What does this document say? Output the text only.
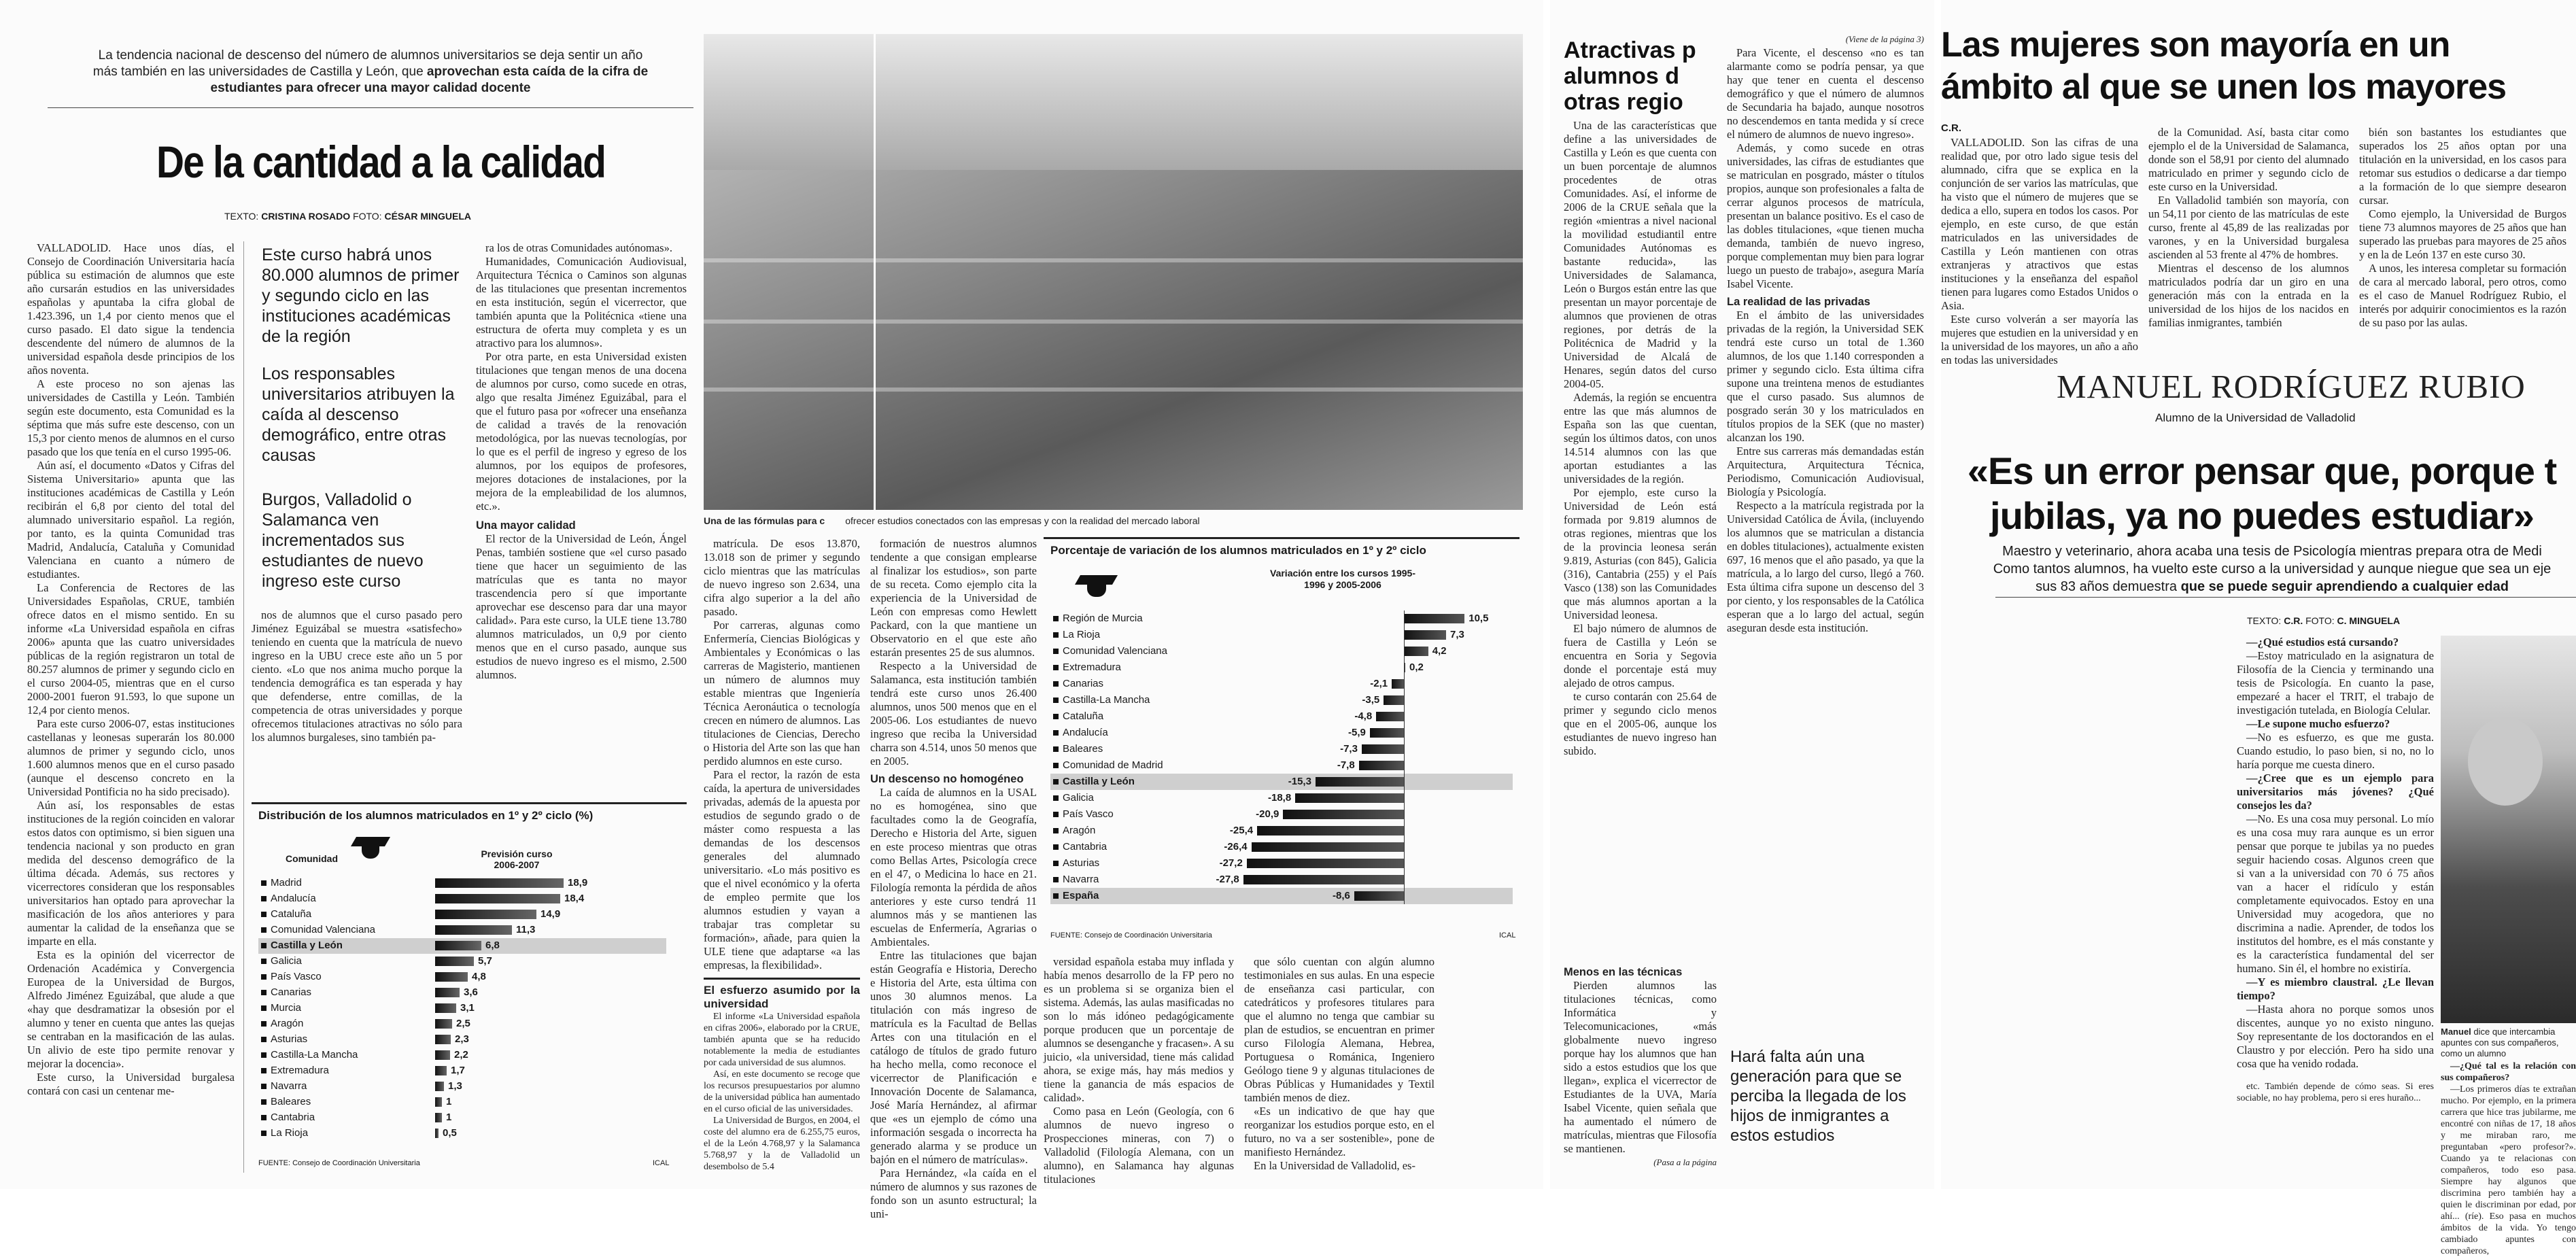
La tendencia nacional de descenso del número de alumnos universitarios se deja sentir un año
más también en las universidades de Castilla y León, que aprovechan esta caída de la cifra de
estudiantes para ofrecer una mayor calidad docente
De la cantidad a la calidad
TEXTO: CRISTINA ROSADO FOTO: CÉSAR MINGUELA

VALLADOLID. Hace unos días, el Consejo de Coordinación Universitaria hacía pública su estimación de alumnos que este año cursarán estudios en las universidades españolas y apuntaba la cifra global de 1.423.396, un 1,4 por ciento menos que el curso pasado. El dato sigue la tendencia descendente del número de alumnos de la universidad española desde principios de los años noventa.

A este proceso no son ajenas las universidades de Castilla y León. También según este documento, esta Comunidad es la séptima que más sufre este descenso, con un 15,3 por ciento menos de alumnos en el curso pasado que los que tenía en el curso 1995-06.

Aún así, el documento «Datos y Cifras del Sistema Universitario» apunta que las instituciones académicas de Castilla y León recibirán el 6,8 por ciento del total del alumnado universitario español. La región, por tanto, es la quinta Comunidad tras Madrid, Andalucía, Cataluña y Comunidad Valenciana en cuanto a número de estudiantes.

La Conferencia de Rectores de las Universidades Españolas, CRUE, también ofrece datos en el mismo sentido. En su informe «La Universidad española en cifras 2006» apunta que las cuatro universidades públicas de la región registraron un total de 80.257 alumnos de primer y segundo ciclo en el curso 2004-05, mientras que en el curso 2000-2001 fueron 91.593, lo que supone un 12,4 por ciento menos.

Para este curso 2006-07, estas instituciones castellanas y leonesas superarán los 80.000 alumnos de primer y segundo ciclo, unos 1.600 alumnos menos que en el curso pasado (aunque el descenso concreto en la Universidad Pontificia no ha sido precisado).

Aún así, los responsables de estas instituciones de la región coinciden en valorar estos datos con optimismo, si bien siguen una tendencia nacional y son producto en gran medida del descenso demográfico de la última década. Además, sus rectores y vicerrectores consideran que los responsables universitarios han optado para aprovechar la masificación de los años anteriores y para aumentar la calidad de la enseñanza que se imparte en ella.

Esta es la opinión del vicerrector de Ordenación Académica y Convergencia Europea de la Universidad de Burgos, Alfredo Jiménez Eguizábal, que alude a que «hay que desdramatizar la obsesión por el alumno y tener en cuenta que antes las quejas se centraban en la masificación de las aulas. Un alivio de este tipo permite renovar y mejorar la docencia».

Este curso, la Universidad burgalesa contará con casi un centenar me-

Este curso habrá unos 80.000 alumnos de primer y segundo ciclo en las instituciones académicas de la región
Los responsables universitarios atribuyen la caída al descenso demográfico, entre otras causas
Burgos, Valladolid o Salamanca ven incrementados sus estudiantes de nuevo ingreso este curso

nos de alumnos que el curso pasado pero Jiménez Eguizábal se muestra «satisfecho» teniendo en cuenta que la matrícula de nuevo ingreso en la UBU crece este año un 5 por ciento. «Lo que nos anima mucho porque la tendencia demográfica es tan esperada y hay que defenderse, entre comillas, de la competencia de otras universidades y porque ofrecemos titulaciones atractivas no sólo para los alumnos burgaleses, sino también pa-

ra los de otras Comunidades autónomas».

Humanidades, Comunicación Audiovisual, Arquitectura Técnica o Caminos son algunas de las titulaciones que presentan incrementos en esta institución, según el vicerrector, que también apunta que la Politécnica «tiene una estructura de oferta muy completa y es un atractivo para los alumnos».

Por otra parte, en esta Universidad existen titulaciones que tengan menos de una docena de alumnos por curso, como sucede en otras, algo que resalta Jiménez Eguizábal, para el que el futuro pasa por «ofrecer una enseñanza de calidad a través de la renovación metodológica, por las nuevas tecnologías, por lo que es el perfil de ingreso y egreso de los alumnos, por los equipos de profesores, mejores dotaciones de instalaciones, por la mejora de la empleabilidad de los alumnos, etc.».

Una mayor calidad

El rector de la Universidad de León, Ángel Penas, también sostiene que «el curso pasado tiene que hacer un seguimiento de las matrículas que es tanta no mayor trascendencia pero sí que importante aprovechar ese descenso para dar una mayor calidad». Para este curso, la ULE tiene 13.780 alumnos matriculados, un 0,9 por ciento menos que en el curso pasado, aunque sus estudios de nuevo ingreso es el mismo, 2.500 alumnos.

Distribución de los alumnos matriculados en 1º y 2º ciclo (%)
Comunidad	Previsión curso 2006-2007
Madrid	18,9
Andalucía	18,4
Cataluña	14,9
Comunidad Valenciana	11,3
Castilla y León	6,8
Galicia	5,7
País Vasco	4,8
Canarias	3,6
Murcia	3,1
Aragón	2,5
Asturias	2,3
Castilla-La Mancha	2,2
Extremadura	1,7
Navarra	1,3
Baleares	1
Cantabria	1
La Rioja	0,5
FUENTE: Consejo de Coordinación Universitaria	ICAL
Una de las fórmulas para c ofrecer estudios conectados con las empresas y con la realidad del mercado laboral

matrícula. De esos 13.870, 13.018 son de primer y segundo ciclo mientras que las matrículas de nuevo ingreso son 2.634, una cifra algo superior a la del año pasado.

Por carreras, algunas como Enfermería, Ciencias Biológicas y Ambientales y Económicas o las carreras de Magisterio, mantienen un número de alumnos muy estable mientras que Ingeniería Técnica Aeronáutica o tecnología crecen en número de alumnos. Las titulaciones de Ciencias, Derecho o Historia del Arte son las que han perdido alumnos en este curso.

Para el rector, la razón de esta caída, la apertura de universidades privadas, además de la apuesta por estudios de segundo grado o de máster como respuesta a las demandas de los descensos generales del alumnado universitario. «Lo más positivo es que el nivel económico y la oferta de empleo permite que los alumnos estudien y vayan a trabajar tras completar su formación», añade, para quien la ULE tiene que adaptarse «a las empresas, la flexibilidad».

El esfuerzo asumido por la universidad

El informe «La Universidad española en cifras 2006», elaborado por la CRUE, también apunta que se ha reducido notablemente la media de estudiantes por cada universidad de sus alumnos.

Así, en este documento se recoge que los recursos presupuestarios por alumno de la universidad pública han aumentado en el curso oficial de las universidades.

La Universidad de Burgos, en 2004, el coste del alumno era de 6.255,75 euros, el de la León 4.768,97 y la Salamanca 5.768,97 y la de Valladolid un desembolso de 5.4

formación de nuestros alumnos tendente a que consigan emplearse al finalizar los estudios», son parte de su receta. Como ejemplo cita la experiencia de la Universidad de León con empresas como Hewlett Packard, con la que mantiene un Observatorio en el que este año estarán presentes 25 de sus alumnos.

Respecto a la Universidad de Salamanca, esta institución también tendrá este curso unos 26.400 alumnos, unos 500 menos que en el 2005-06. Los estudiantes de nuevo ingreso que reciba la Universidad charra son 4.514, unos 50 menos que en 2005.

Un descenso no homogéneo

La caída de alumnos en la USAL no es homogénea, sino que facultades como la de Geografía, Derecho e Historia del Arte, siguen en este proceso mientras que otras como Bellas Artes, Psicología crece en el 47, o Medicina lo hace en 21. Filología remonta la pérdida de años anteriores y este curso tendrá 11 alumnos más y se mantienen las escuelas de Enfermería, Agrarias o Ambientales.

Entre las titulaciones que bajan están Geografía e Historia, Derecho e Historia del Arte, esta última con unos 30 alumnos menos. La titulación con más ingreso de matrícula es la Facultad de Bellas Artes con una titulación en el catálogo de títulos de grado futuro ha hecho mella, como reconoce el vicerrector de Planificación e Innovación Docente de Salamanca, José María Hernández, al afirmar que «es un ejemplo de cómo una información sesgada o incorrecta ha generado alarma y se produce un bajón en el número de matrículas».

Para Hernández, «la caída en el número de alumnos y sus razones de fondo son un asunto estructural; la uni-

versidad española estaba muy inflada y había menos desarrollo de la FP pero no es un problema si se organiza bien el sistema. Además, las aulas masificadas no son lo más idóneo pedagógicamente porque producen que un porcentaje de alumnos se desenganche y fracasen». A su juicio, «la universidad, tiene más calidad ahora, se exige más, hay más medios y tiene la ganancia de más espacios de calidad».

Como pasa en León (Geología, con 6 alumnos de nuevo ingreso o Prospecciones mineras, con 7) o Valladolid (Filología Alemana, con un alumno), en Salamanca hay algunas titulaciones

que sólo cuentan con algún alumno testimoniales en sus aulas. En una especie de enseñanza casi particular, con catedráticos y profesores titulares para que el alumno no tenga que cambiar su plan de estudios, se encuentran en primer curso Filología Alemana, Hebrea, Portuguesa o Románica, Ingeniero Geólogo tiene 9 y algunas titulaciones de Obras Públicas y Humanidades y Textil también menos de diez.

«Es un indicativo de que hay que reorganizar los estudios porque esto, en el futuro, no va a ser sostenible», pone de manifiesto Hernández.

En la Universidad de Valladolid, es-

Porcentaje de variación de los alumnos matriculados en 1º y 2º ciclo
Variación entre los cursos 1995-1996 y 2005-2006
Región de Murcia	10,5
La Rioja	7,3
Comunidad Valenciana	4,2
Extremadura	0,2
Canarias	-2,1
Castilla-La Mancha	-3,5
Cataluña	-4,8
Andalucía	-5,9
Baleares	-7,3
Comunidad de Madrid	-7,8
Castilla y León	-15,3
Galicia	-18,8
País Vasco	-20,9
Aragón	-25,4
Cantabria	-26,4
Asturias	-27,2
Navarra	-27,8
España	-8,6
FUENTE: Consejo de Coordinación Universitaria	ICAL
Atractivas p
alumnos d
otras regio

Una de las características que define a las universidades de Castilla y León es que cuenta con un buen porcentaje de alumnos procedentes de otras Comunidades. Así, el informe de 2006 de la CRUE señala que la región «mientras a nivel nacional la movilidad estudiantil entre Comunidades Autónomas es bastante reducida», las Universidades de Salamanca, León o Burgos están entre las que presentan un mayor porcentaje de alumnos que provienen de otras regiones, por detrás de la Politécnica de Madrid y la Universidad de Alcalá de Henares, según datos del curso 2004-05.

Además, la región se encuentra entre las que más alumnos de España son las que cuentan, según los últimos datos, con unos 14.514 alumnos con las que aportan estudiantes a las universidades de la región.

Por ejemplo, este curso la Universidad de León está formada por 9.819 alumnos de otras regiones, mientras que los de la provincia leonesa serán 9.819, Asturias (con 845), Galicia (316), Cantabria (255) y el País Vasco (138) son las Comunidades que más alumnos aportan a la Universidad leonesa.

El bajo número de alumnos de fuera de Castilla y León se encuentra en Soria y Segovia donde el porcentaje está muy alejado de otros campus.

te curso contarán con 25.64 de primer y segundo ciclo menos que en el 2005-06, aunque los estudiantes de nuevo ingreso han subido.

(Viene de la página 3)

Para Vicente, el descenso «no es tan alarmante como se podría pensar, ya que hay que tener en cuenta el descenso demográfico y que el número de alumnos de Secundaria ha bajado, aunque nosotros no descendemos en tanta medida y sí crece el número de alumnos de nuevo ingreso».

Además, y como sucede en otras universidades, las cifras de estudiantes que se matriculan en posgrado, máster o títulos propios, aunque son profesionales a falta de cerrar algunos procesos de matrícula, presentan un balance positivo. Es el caso de las dobles titulaciones, «que tienen mucha demanda, también de nuevo ingreso, porque complementan muy bien para lograr luego un puesto de trabajo», asegura María Isabel Vicente.

La realidad de las privadas

En el ámbito de las universidades privadas de la región, la Universidad SEK tendrá este curso un total de 1.360 alumnos, de los que 1.140 corresponden a primer y segundo ciclo. Esta última cifra supone una treintena menos de estudiantes que el curso pasado. Sus alumnos de posgrado serán 30 y los matriculados en títulos propios de la SEK (que no master) alcanzan los 190.

Entre sus carreras más demandadas están Arquitectura, Arquitectura Técnica, Periodismo, Comunicación Audiovisual, Biología y Psicología.

Respecto a la matrícula registrada por la Universidad Católica de Ávila, (incluyendo los alumnos que se matriculan a distancia en dobles titulaciones), actualmente existen 697, 16 menos que el año pasado, ya que la matrícula, a lo largo del curso, llegó a 760. Esta última cifra supone un descenso del 3 por ciento, y los responsables de la Católica esperan que a lo largo del actual, según aseguran desde esta institución.

Menos en las técnicas

Pierden alumnos las titulaciones técnicas, como Informática y Telecomunicaciones, «más globalmente nuevo ingreso porque hay los alumnos que han sido a estos estudios que los que llegan», explica el vicerrector de Estudiantes de la UVA, María Isabel Vicente, quien señala que ha aumentado el número de matrículas, mientras que Filosofía se mantienen.

(Pasa a la página

Hará falta aún una generación para que se perciba la llegada de los hijos de inmigrantes a estos estudios
Las mujeres son mayoría en un
ámbito al que se unen los mayores
C.R.

VALLADOLID. Son las cifras de una realidad que, por otro lado sigue tesis del alumnado, cifra que se explica en la conjunción de ser varios las matrículas, que ha visto que el número de mujeres que se dedica a ello, supera en todos los casos. Por ejemplo, en este curso, de que están matriculados en las universidades de Castilla y León mantienen con otras extranjeras y atractivos que estas instituciones y la enseñanza del español tienen para lugares como Estados Unidos o Asia.

Este curso volverán a ser mayoría las mujeres que estudien en la universidad y en la universidad de los mayores, un año a año en todas las universidades

de la Comunidad. Así, basta citar como ejemplo el de la Universidad de Salamanca, donde son el 58,91 por ciento del alumnado matriculado en primer y segundo ciclo de este curso en la Universidad.

En Valladolid también son mayoría, con un 54,11 por ciento de las matrículas de este curso, frente al 45,89 de las realizadas por varones, y en la Universidad burgalesa ascienden al 53 frente al 47% de hombres.

Mientras el descenso de los alumnos matriculados podría dar un giro en una generación más con la entrada en la universidad de los hijos de los nacidos en familias inmigrantes, también

bién son bastantes los estudiantes que superados los 25 años optan por una titulación en la universidad, en los casos para retomar sus estudios o dedicarse a dar tiempo a la formación de lo que siempre desearon cursar.

Como ejemplo, la Universidad de Burgos tiene 73 alumnos mayores de 25 años que han superado las pruebas para mayores de 25 años y en la de León 137 en este curso 30.

A unos, les interesa completar su formación de cara al mercado laboral, pero otros, como es el caso de Manuel Rodríguez Rubio, el interés por adquirir conocimientos es la razón de su paso por las aulas.

MANUEL RODRÍGUEZ RUBIO
Alumno de la Universidad de Valladolid
«Es un error pensar que, porque t
jubilas, ya no puedes estudiar»
Maestro y veterinario, ahora acaba una tesis de Psicología mientras prepara otra de Medi
Como tantos alumnos, ha vuelto este curso a la universidad y aunque niegue que sea un eje
sus 83 años demuestra que se puede seguir aprendiendo a cualquier edad
TEXTO: C.R. FOTO: C. MINGUELA

—¿Qué estudios está cursando?

—Estoy matriculado en la asignatura de Filosofía de la Ciencia y terminando una tesis de Psicología. En cuanto la pase, empezaré a hacer el TRIT, el trabajo de investigación tutelada, en Biología Celular.

—Le supone mucho esfuerzo?

—No es esfuerzo, es que me gusta. Cuando estudio, lo paso bien, si no, no lo haría porque me cuesta dinero.

—¿Cree que es un ejemplo para universitarios más jóvenes? ¿Qué consejos les da?

—No. Es una cosa muy personal. Lo mío es una cosa muy rara aunque es un error pensar que porque te jubilas ya no puedes seguir haciendo cosas. Algunos creen que si van a la universidad con 70 ó 75 años van a hacer el ridículo y están completamente equivocados. Estoy en una Universidad muy acogedora, que no discrimina a nadie. Aprender, de todos los institutos del hombre, es el más constante y es la característica fundamental del ser humano. Sin él, el hombre no existiría.

—Y es miembro claustral. ¿Le llevan tiempo?

—Hasta ahora no porque somos unos discentes, aunque yo no existo ninguno. Soy representante de los doctorandos en el Claustro y por elección. Pero ha sido una cosa que ha venido rodada.

Manuel dice que intercambia apuntes con sus compañeros, como un alumno

—¿Qué tal es la relación con sus compañeros?

—Los primeros días te extrañan mucho. Por ejemplo, en la primera carrera que hice tras jubilarme, me encontré con niñas de 17, 18 años y me miraban raro, me preguntaban «pero profesor?». Cuando ya te relacionas con compañeros, todo eso pasa. Siempre hay algunos que discrimina pero también hay a quien le discriminan por edad, por ahí... (ríe). Eso pasa en muchos ámbitos de la vida. Yo tengo cambiado apuntes con compañeros,

etc. También depende de cómo seas. Si eres sociable, no hay problema, pero si eres huraño...
